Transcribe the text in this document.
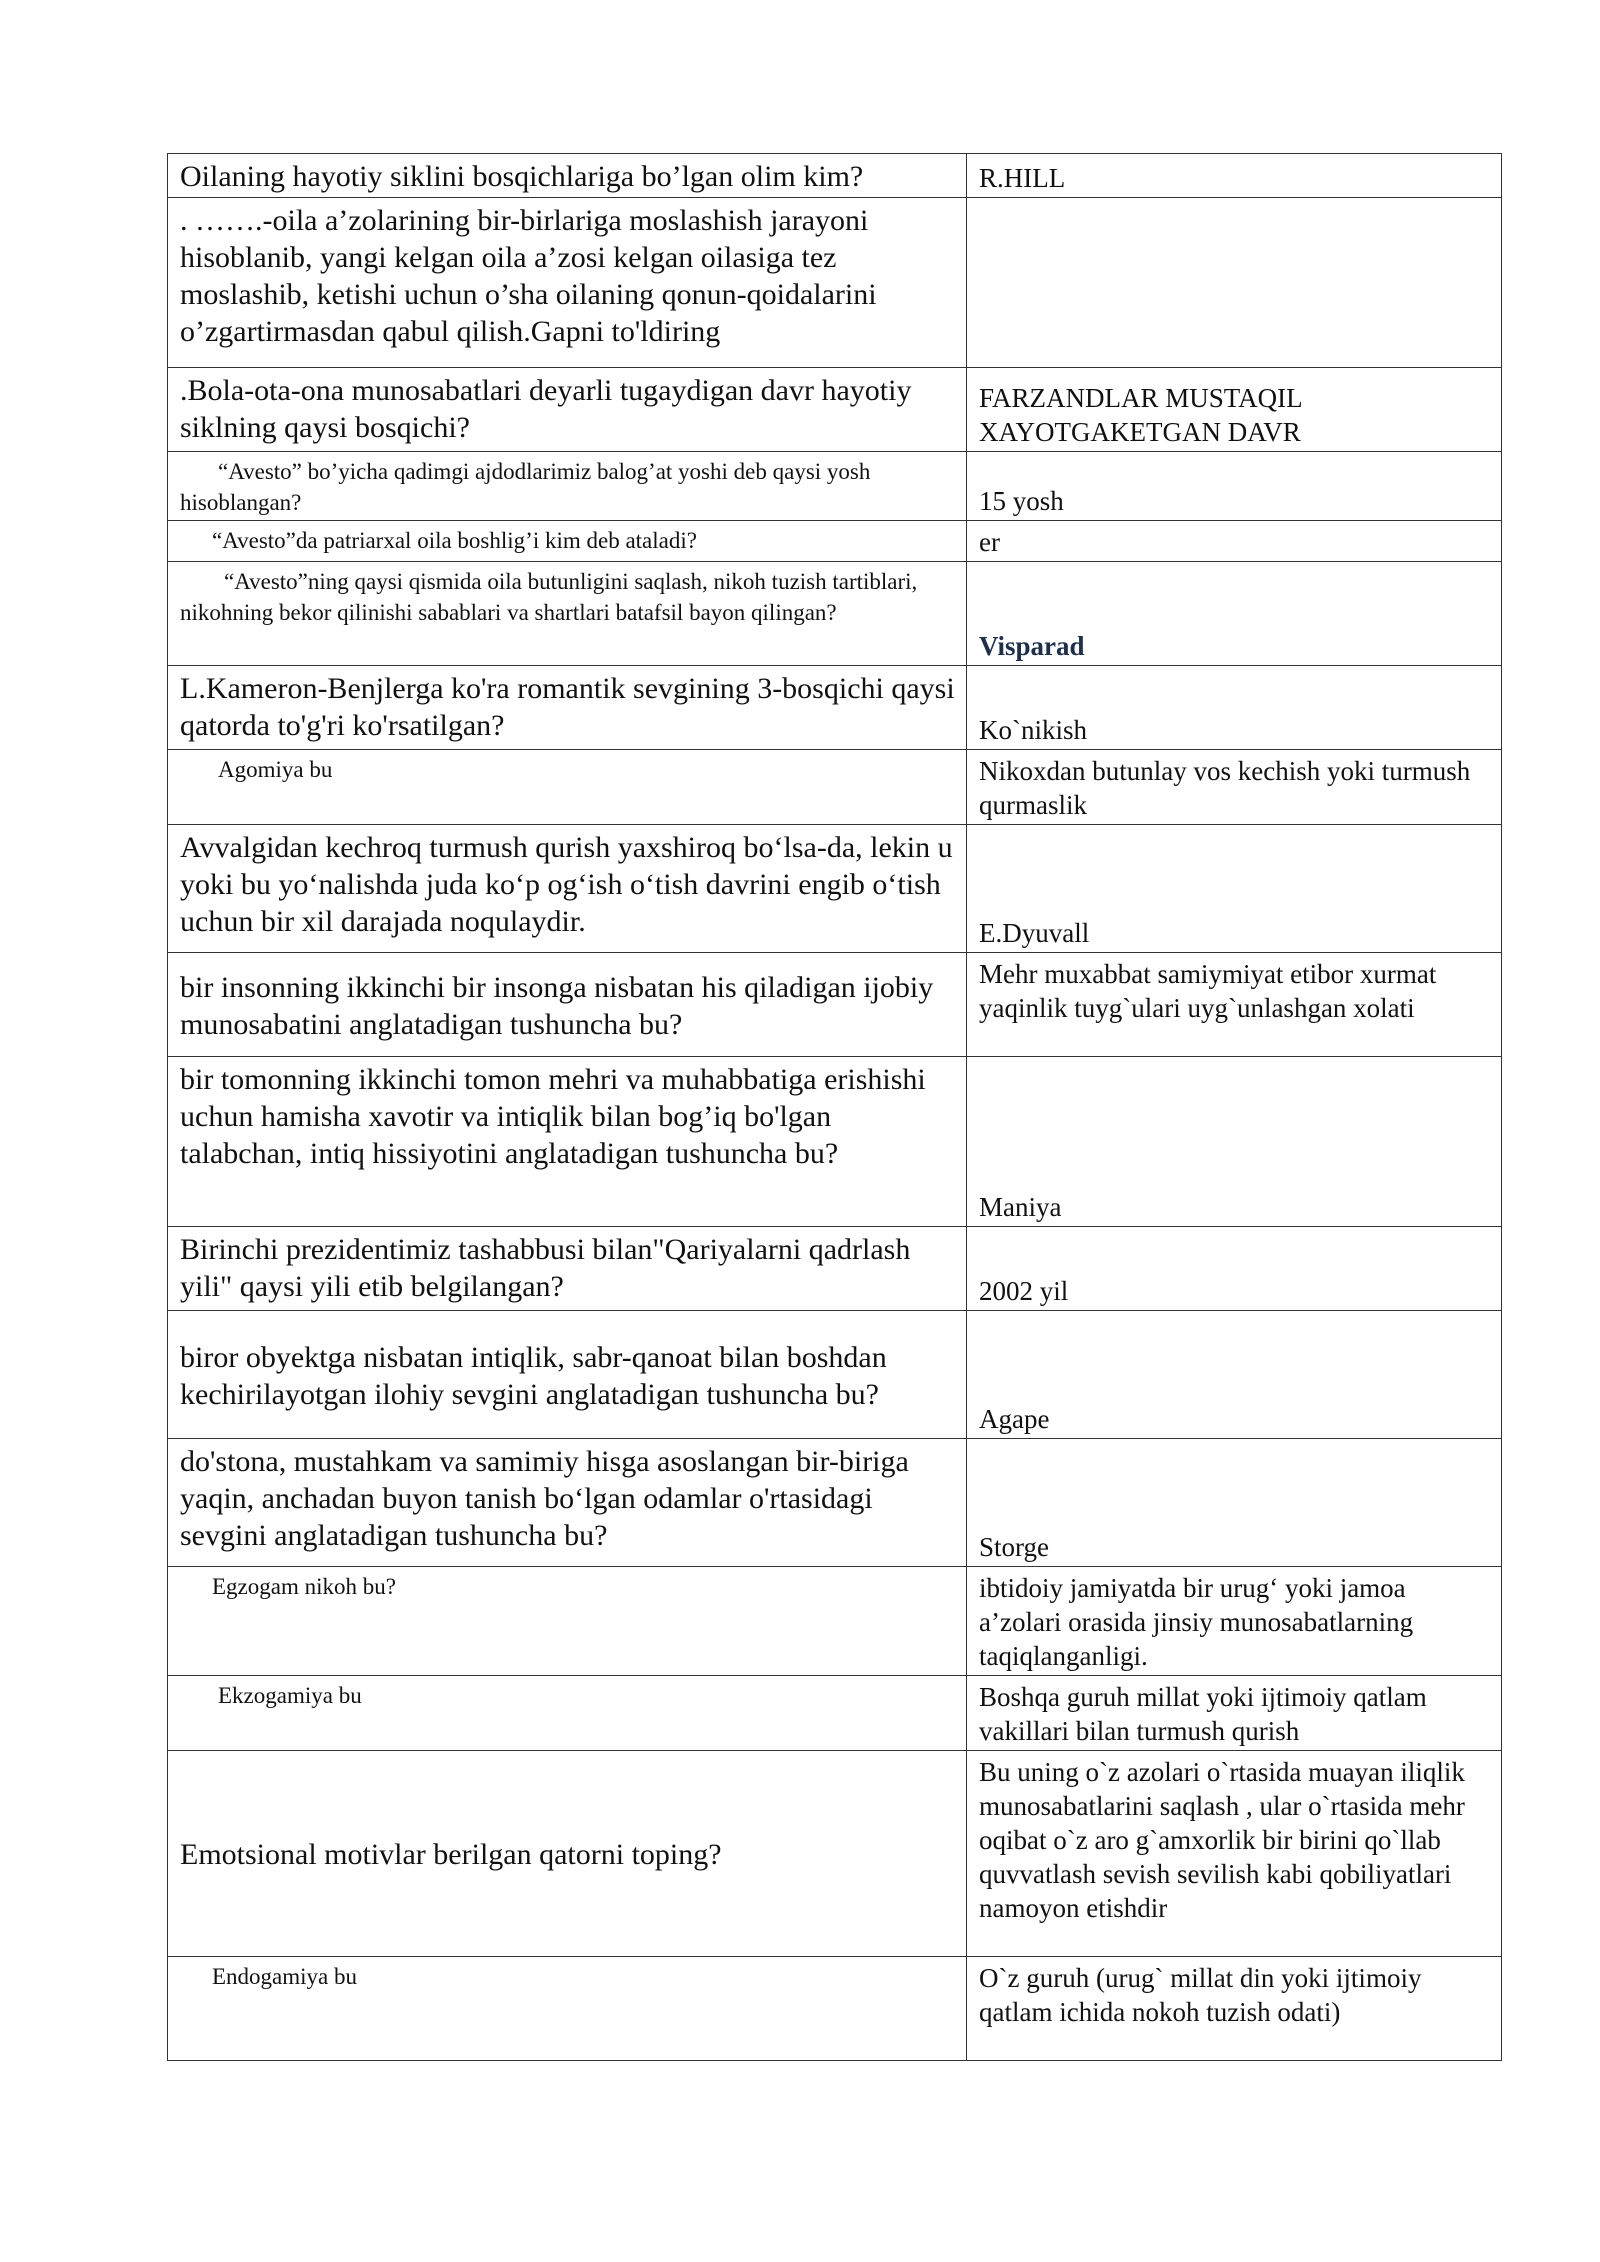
Oilaning hayotiy siklini bosqichlariga bo’lgan olim kim?	R.HILL
. …….-oila a’zolarining bir-birlariga moslashish jarayoni hisoblanib, yangi kelgan oila a’zosi kelgan oilasiga tez moslashib, ketishi uchun o’sha oilaning qonun-qoidalarini o’zgartirmasdan qabul qilish.Gapni to'ldiring	
.Bola-ota-ona munosabatlari deyarli tugaydigan davr hayotiy siklning qaysi bosqichi?	FARZANDLAR MUSTAQIL XAYOTGAKETGAN DAVR
“Avesto” bo’yicha qadimgi ajdodlarimiz balog’at yoshi deb qaysi yosh hisoblangan?	15 yosh
“Avesto”da patriarxal oila boshlig’i kim deb ataladi?	er
“Avesto”ning qaysi qismida oila butunligini saqlash, nikoh tuzish tartiblari, nikohning bekor qilinishi sabablari va shartlari batafsil bayon qilingan?	Visparad
L.Kameron-Benjlerga ko'ra romantik sevgining 3-bosqichi qaysi qatorda to'g'ri ko'rsatilgan?	Ko`nikish
Agomiya bu	Nikoxdan butunlay vos kechish yoki turmush qurmaslik
Avvalgidan kechroq turmush qurish yaxshiroq bo‘lsa-da, lekin u yoki bu yo‘nalishda juda ko‘p og‘ish o‘tish davrini engib o‘tish uchun bir xil darajada noqulaydir.	E.Dyuvall
bir insonning ikkinchi bir insonga nisbatan his qiladigan ijobiy munosabatini anglatadigan tushuncha bu?	Mehr muxabbat samiymiyat etibor xurmat yaqinlik tuyg`ulari uyg`unlashgan xolati
bir tomonning ikkinchi tomon mehri va muhabbatiga erishishi uchun hamisha xavotir va intiqlik bilan bog’iq bo'lgan talabchan, intiq hissiyotini anglatadigan tushuncha bu?	Maniya
Birinchi prezidentimiz tashabbusi bilan"Qariyalarni qadrlash yili" qaysi yili etib belgilangan?	2002 yil
biror obyektga nisbatan intiqlik, sabr-qanoat bilan boshdan kechirilayotgan ilohiy sevgini anglatadigan tushuncha bu?	Agape
do'stona, mustahkam va samimiy hisga asoslangan bir-biriga yaqin, anchadan buyon tanish bo‘lgan odamlar o'rtasidagi sevgini anglatadigan tushuncha bu?	Storge
Egzogam nikoh bu?	ibtidoiy jamiyatda bir urug‘ yoki jamoa a’zolari orasida jinsiy munosabatlarning taqiqlanganligi.
Ekzogamiya bu	Boshqa guruh millat yoki ijtimoiy qatlam vakillari bilan turmush qurish
Emotsional motivlar berilgan qatorni toping?	Bu uning o`z azolari o`rtasida muayan iliqlik munosabatlarini saqlash , ular o`rtasida mehr oqibat o`z aro g`amxorlik bir birini qo`llab quvvatlash sevish sevilish kabi qobiliyatlari namoyon etishdir
Endogamiya bu	O`z guruh (urug` millat din yoki ijtimoiy qatlam ichida nokoh tuzish odati)
